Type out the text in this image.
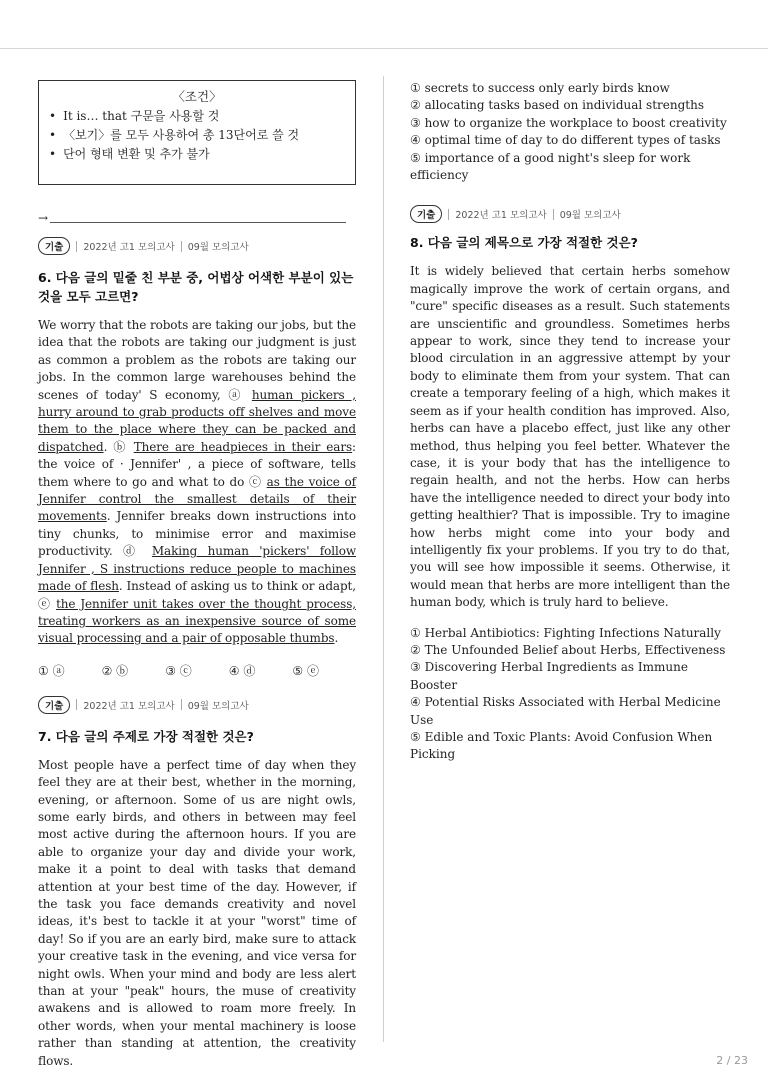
〈조건〉
• It is… that 구문을 사용할 것
• 〈보기〉를 모두 사용하여 총 13단어로 쓸 것
• 단어 형태 변환 및 추가 불가
→
기출	2022년 고1 모의고사 09월 모의고사
6. 다음 글의 밑줄 친 부분 중, 어법상 어색한 부분이 있는 것을 모두 고르면?
We worry that the robots are taking our jobs, but the idea that the robots are taking our judgment is just as common a problem as the robots are taking our jobs. In the common large warehouses behind the scenes of today' S economy, ⓐ human pickers , hurry around to grab products off shelves and move them to the place where they can be packed and dispatched. ⓑ There are headpieces in their ears: the voice of · Jennifer' , a piece of software, tells them where to go and what to do ⓒ as the voice of Jennifer control the smallest details of their movements. Jennifer breaks down instructions into tiny chunks, to minimise error and maximise productivity. ⓓ Making human 'pickers' follow Jennifer , S instructions reduce people to machines made of flesh. Instead of asking us to think or adapt, ⓔ the Jennifer unit takes over the thought process, treating workers as an inexpensive source of some visual processing and a pair of opposable thumbs.
① ⓐ	② ⓑ	③ ⓒ	④ ⓓ	⑤ ⓔ
기출	2022년 고1 모의고사 09월 모의고사
7. 다음 글의 주제로 가장 적절한 것은?
Most people have a perfect time of day when they feel they are at their best, whether in the morning, evening, or afternoon. Some of us are night owls, some early birds, and others in between may feel most active during the afternoon hours. If you are able to organize your day and divide your work, make it a point to deal with tasks that demand attention at your best time of the day. However, if the task you face demands creativity and novel ideas, it's best to tackle it at your "worst" time of day! So if you are an early bird, make sure to attack your creative task in the evening, and vice versa for night owls. When your mind and body are less alert than at your "peak" hours, the muse of creativity awakens and is allowed to roam more freely. In other words, when your mental machinery is loose rather than standing at attention, the creativity flows.
① secrets to success only early birds know
② allocating tasks based on individual strengths
③ how to organize the workplace to boost creativity
④ optimal time of day to do different types of tasks
⑤ importance of a good night's sleep for work efficiency
기출	2022년 고1 모의고사 09월 모의고사
8. 다음 글의 제목으로 가장 적절한 것은?
It is widely believed that certain herbs somehow magically improve the work of certain organs, and "cure" specific diseases as a result. Such statements are unscientific and groundless. Sometimes herbs appear to work, since they tend to increase your blood circulation in an aggressive attempt by your body to eliminate them from your system. That can create a temporary feeling of a high, which makes it seem as if your health condition has improved. Also, herbs can have a placebo effect, just like any other method, thus helping you feel better. Whatever the case, it is your body that has the intelligence to regain health, and not the herbs. How can herbs have the intelligence needed to direct your body into getting healthier? That is impossible. Try to imagine how herbs might come into your body and intelligently fix your problems. If you try to do that, you will see how impossible it seems. Otherwise, it would mean that herbs are more intelligent than the human body, which is truly hard to believe.
① Herbal Antibiotics: Fighting Infections Naturally
② The Unfounded Belief about Herbs, Effectiveness
③ Discovering Herbal Ingredients as Immune Booster
④ Potential Risks Associated with Herbal Medicine Use
⑤ Edible and Toxic Plants: Avoid Confusion When Picking
2 / 23
